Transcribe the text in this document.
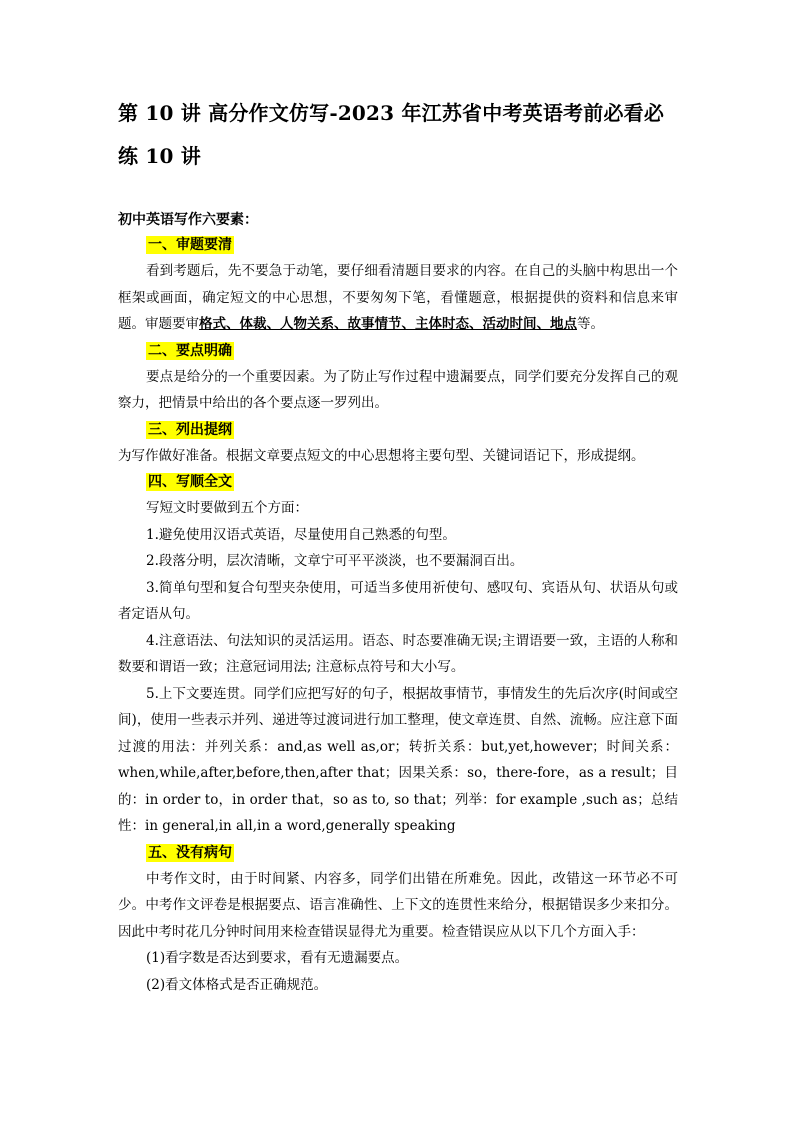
第 10 讲 高分作文仿写-2023 年江苏省中考英语考前必看必练 10 讲
初中英语写作六要素：
一、审题要清

看到考题后，先不要急于动笔，要仔细看清题目要求的内容。在自己的头脑中构思出一个框架或画面，确定短文的中心思想，不要匆匆下笔，看懂题意，根据提供的资料和信息来审题。审题要审格式、体裁、人物关系、故事情节、主体时态、活动时间、地点等。

二、要点明确

要点是给分的一个重要因素。为了防止写作过程中遗漏要点，同学们要充分发挥自己的观察力，把情景中给出的各个要点逐一罗列出。

三、列出提纲

为写作做好准备。根据文章要点短文的中心思想将主要句型、关键词语记下，形成提纲。

四、写顺全文

写短文时要做到五个方面：

1.避免使用汉语式英语，尽量使用自己熟悉的句型。

2.段落分明，层次清晰，文章宁可平平淡淡，也不要漏洞百出。

3.简单句型和复合句型夹杂使用，可适当多使用祈使句、感叹句、宾语从句、状语从句或者定语从句。

4.注意语法、句法知识的灵活运用。语态、时态要准确无误;主谓语要一致，主语的人称和数要和谓语一致；注意冠词用法; 注意标点符号和大小写。

5.上下文要连贯。同学们应把写好的句子，根据故事情节，事情发生的先后次序(时间或空间)，使用一些表示并列、递进等过渡词进行加工整理，使文章连贯、自然、流畅。应注意下面过渡的用法：并列关系：and,as well as,or；转折关系：but,yet,however；时间关系：when,while,after,before,then,after that；因果关系：so，there-fore，as a result；目的：in order to，in order that，so as to, so that；列举：for example ,such as；总结性：in general,in all,in a word,generally speaking

五、没有病句

中考作文时，由于时间紧、内容多，同学们出错在所难免。因此，改错这一环节必不可少。中考作文评卷是根据要点、语言准确性、上下文的连贯性来给分，根据错误多少来扣分。因此中考时花几分钟时间用来检查错误显得尤为重要。检查错误应从以下几个方面入手：

(1)看字数是否达到要求，看有无遗漏要点。

(2)看文体格式是否正确规范。
